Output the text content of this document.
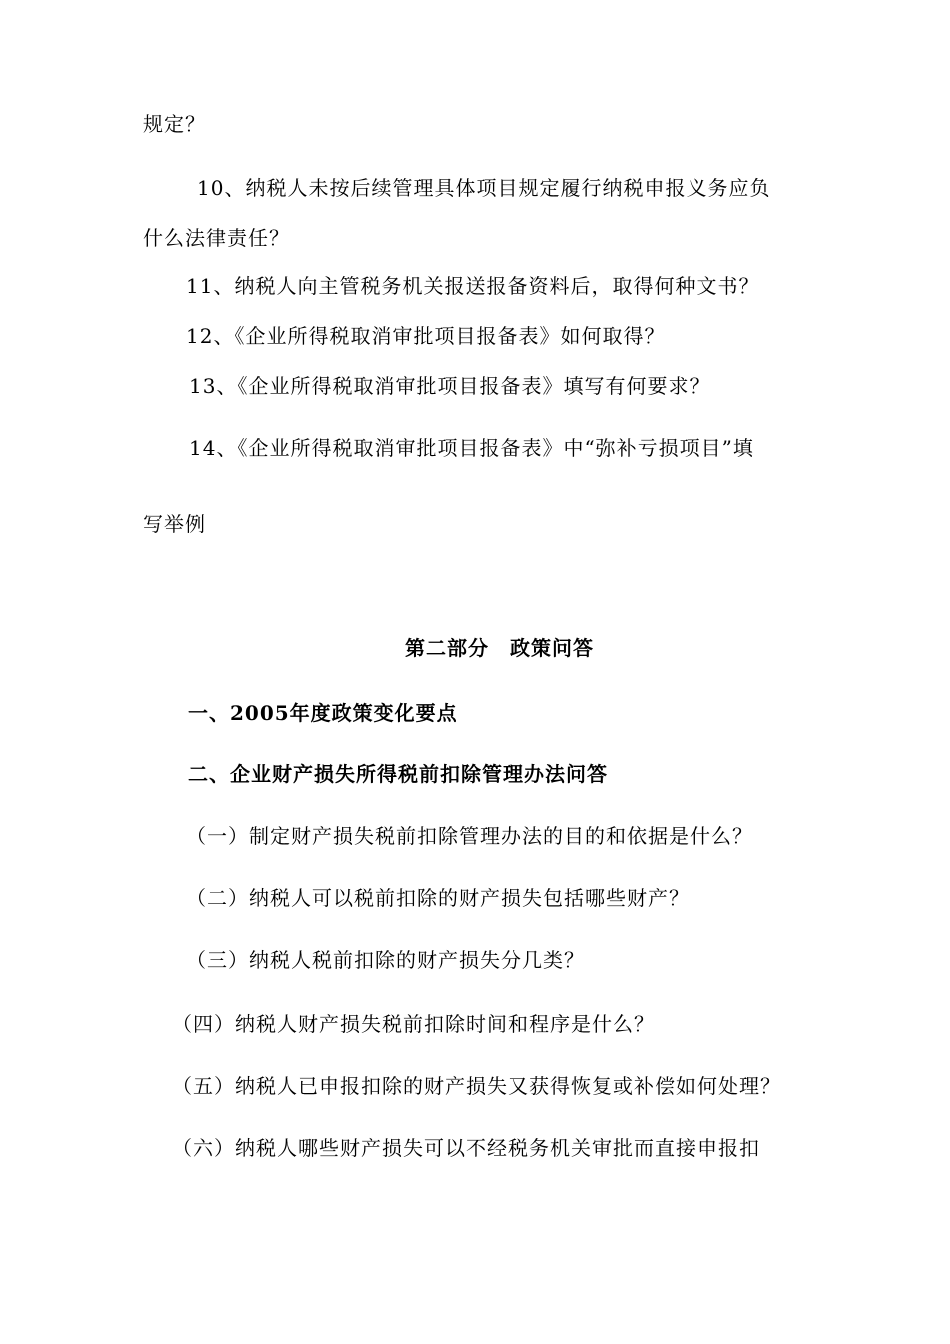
规定？
10、纳税人未按后续管理具体项目规定履行纳税申报义务应负
什么法律责任？
11、纳税人向主管税务机关报送报备资料后，取得何种文书？
12、《企业所得税取消审批项目报备表》如何取得？
13、《企业所得税取消审批项目报备表》填写有何要求？
14、《企业所得税取消审批项目报备表》中“弥补亏损项目”填
写举例
第二部分　政策问答
一、2005年度政策变化要点
二、企业财产损失所得税前扣除管理办法问答
（一）制定财产损失税前扣除管理办法的目的和依据是什么？
（二）纳税人可以税前扣除的财产损失包括哪些财产？
（三）纳税人税前扣除的财产损失分几类？
（四）纳税人财产损失税前扣除时间和程序是什么？
（五）纳税人已申报扣除的财产损失又获得恢复或补偿如何处理？
（六）纳税人哪些财产损失可以不经税务机关审批而直接申报扣
